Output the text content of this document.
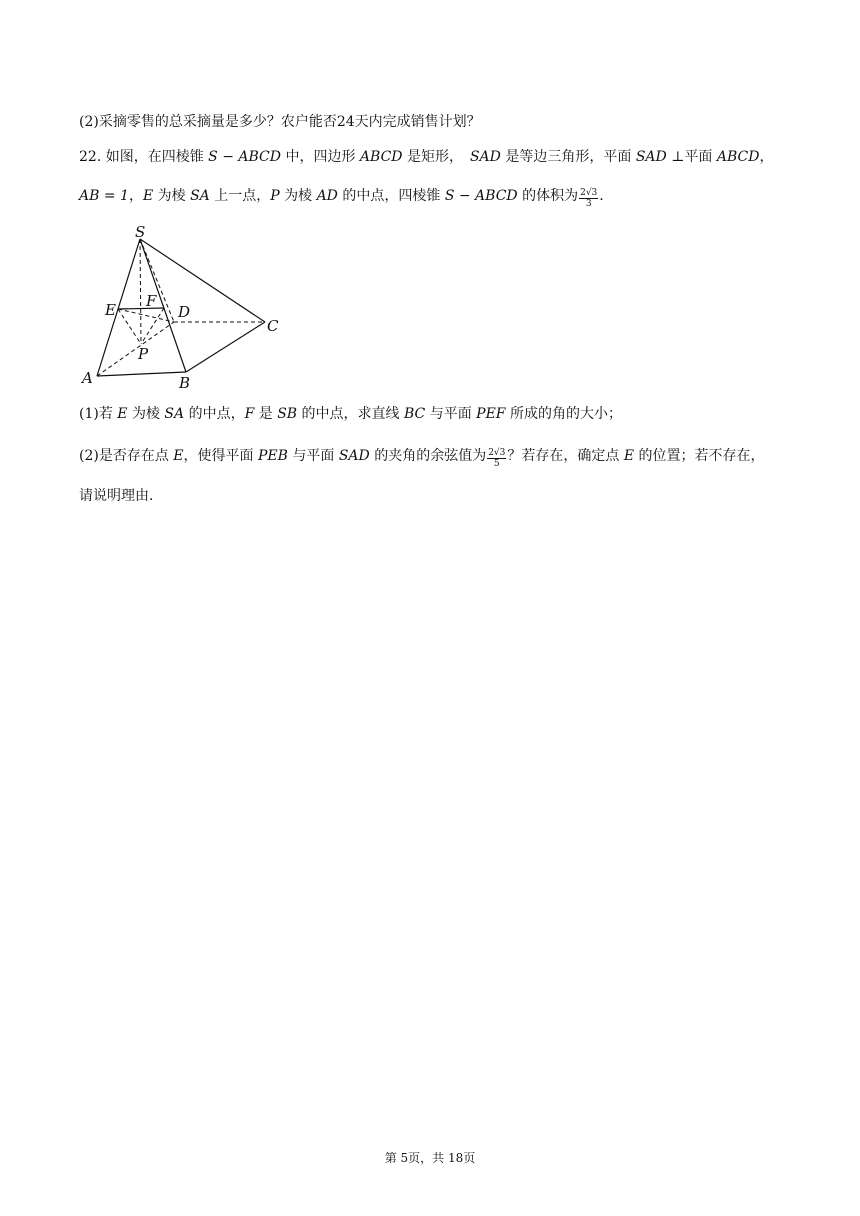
(2)采摘零售的总采摘量是多少？农户能否24天内完成销售计划？
22. 如图，在四棱锥 S − ABCD 中，四边形 ABCD 是矩形，　SAD 是等边三角形，平面 SAD ⊥平面 ABCD，
AB = 1，E 为棱 SA 上一点，P 为棱 AD 的中点，四棱锥 S − ABCD 的体积为 $\frac{2√3}{3}$ .
S
E F
D
C
P
A	B
(1)若 E 为棱 SA 的中点，F 是 SB 的中点，求直线 BC 与平面 PEF 所成的角的大小；
(2)是否存在点 E，使得平面 PEB 与平面 SAD 的夹角的余弦值为 $\frac{2√3}{5}$ ？若存在，确定点 E 的位置；若不存在，
请说明理由.
第 5页，共 18页
